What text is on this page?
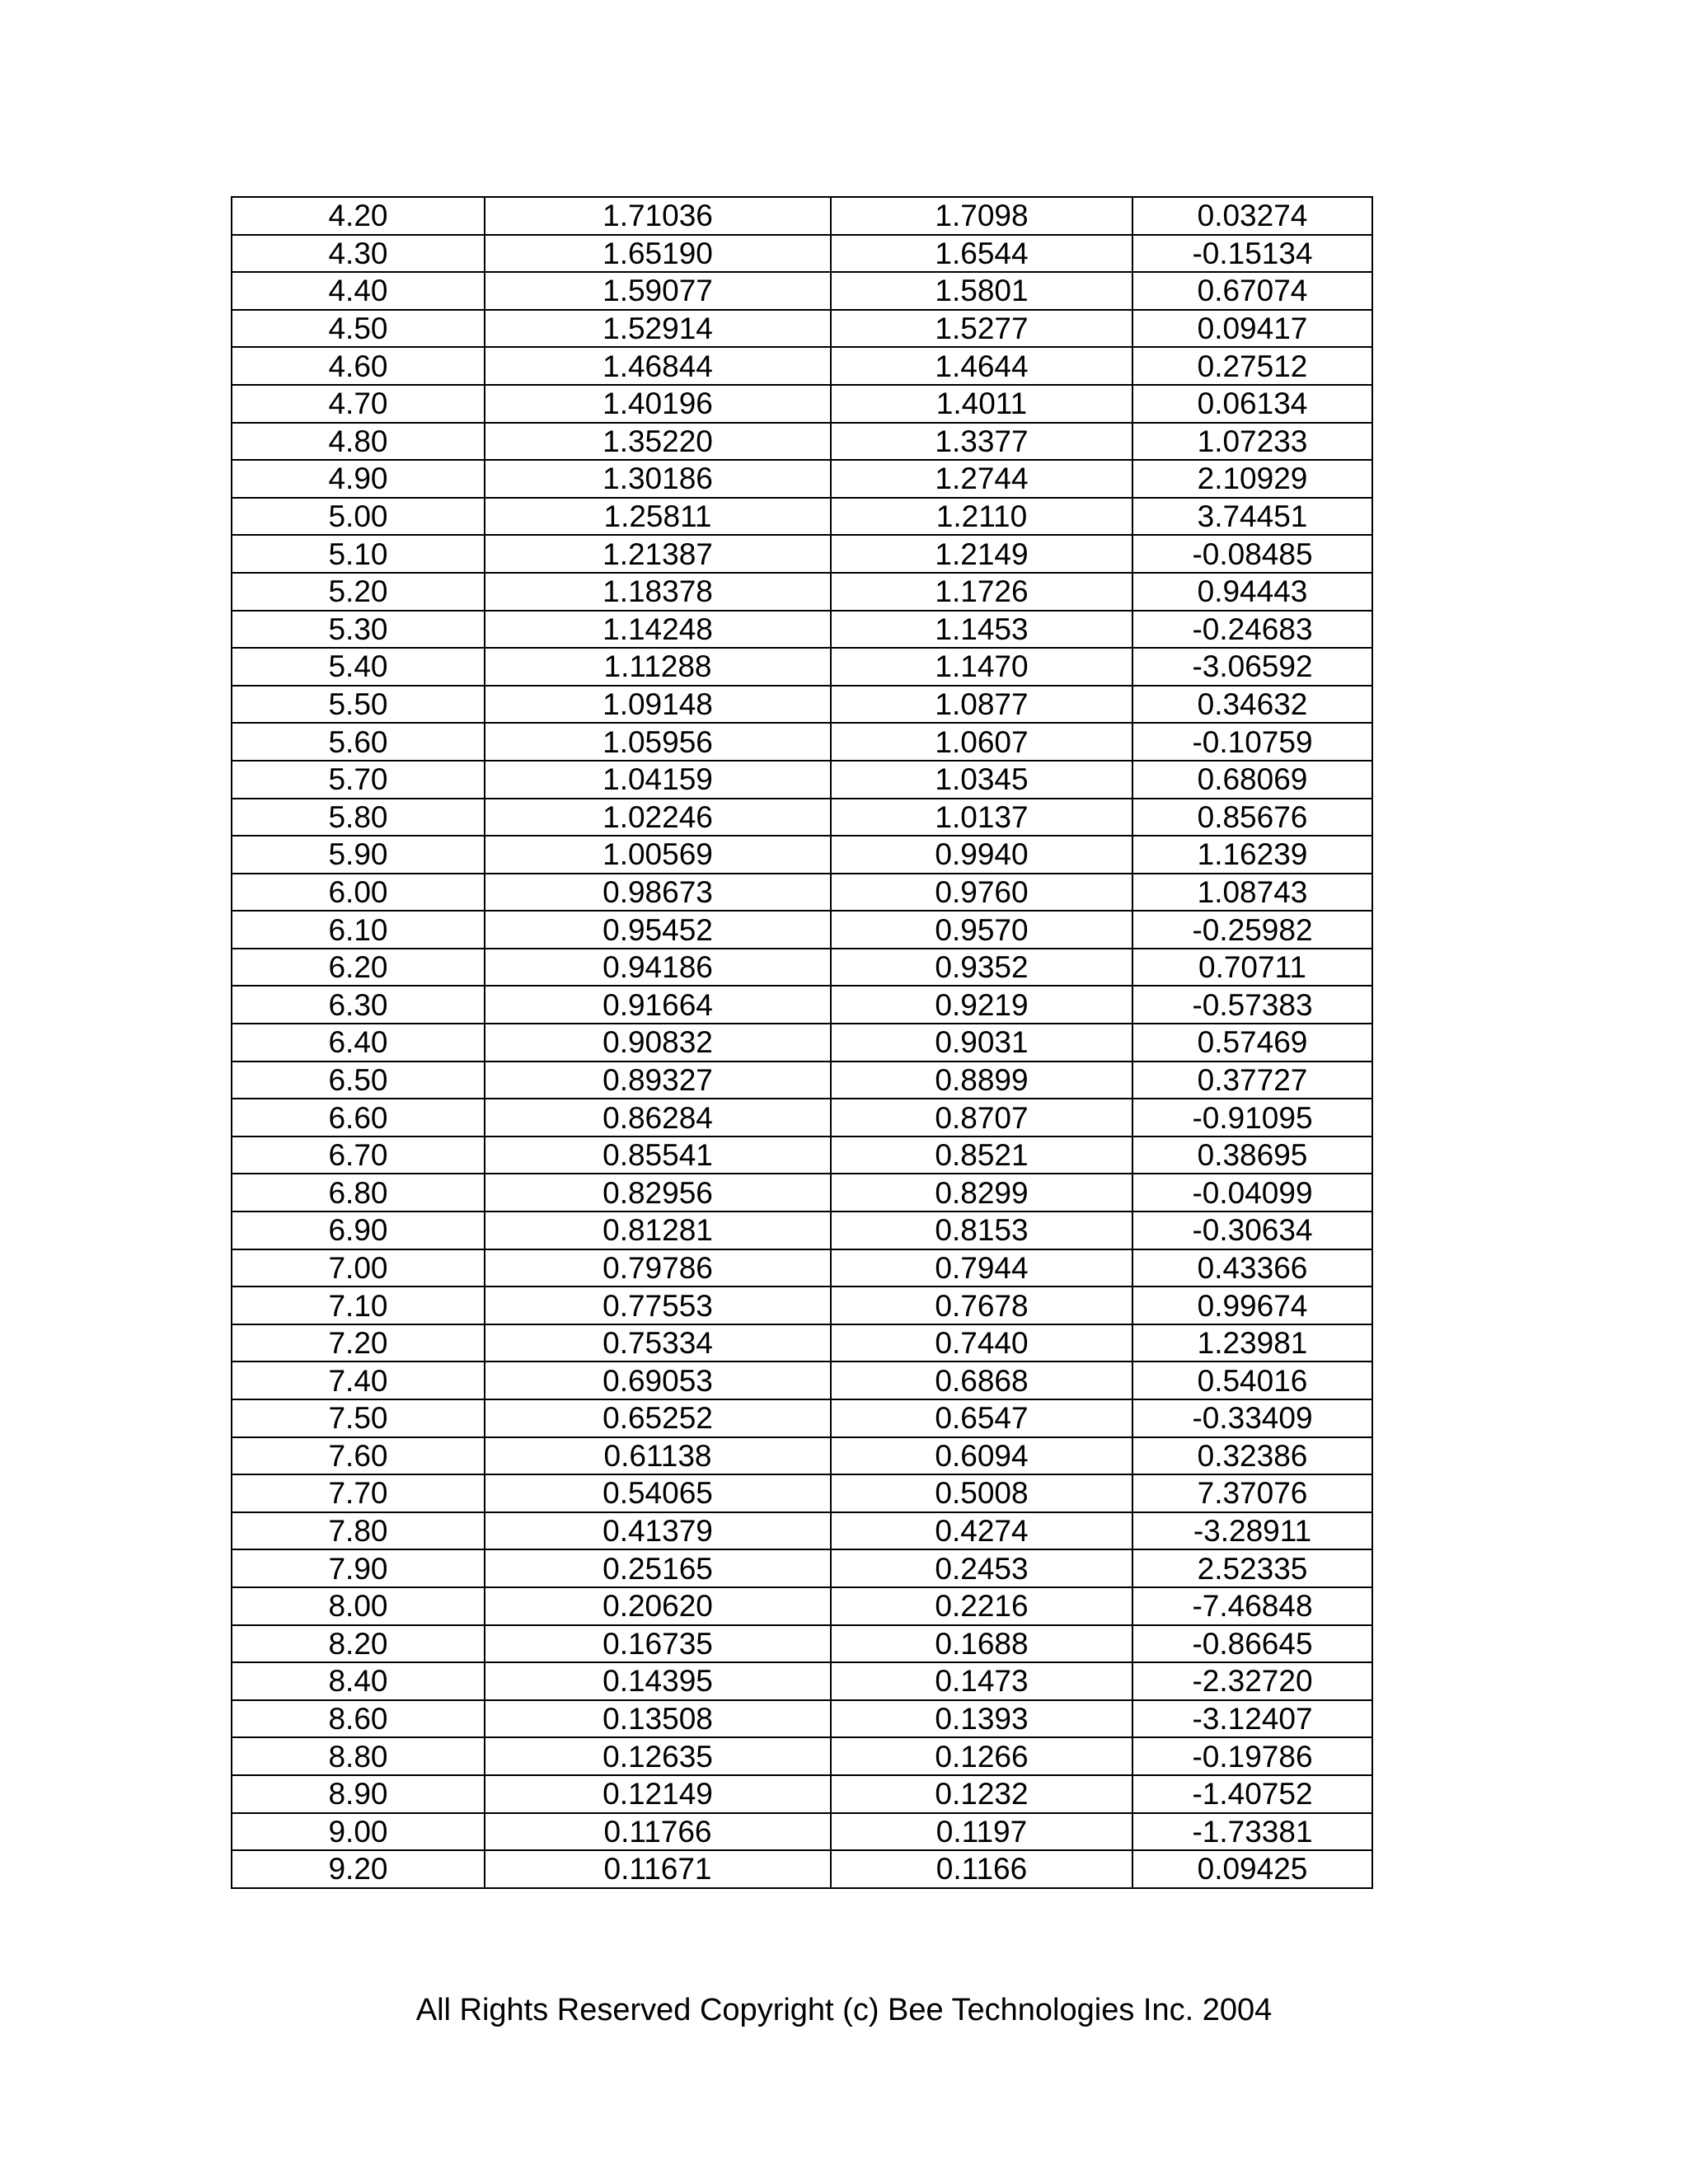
4.20	1.71036	1.7098	0.03274
4.30	1.65190	1.6544	-0.15134
4.40	1.59077	1.5801	0.67074
4.50	1.52914	1.5277	0.09417
4.60	1.46844	1.4644	0.27512
4.70	1.40196	1.4011	0.06134
4.80	1.35220	1.3377	1.07233
4.90	1.30186	1.2744	2.10929
5.00	1.25811	1.2110	3.74451
5.10	1.21387	1.2149	-0.08485
5.20	1.18378	1.1726	0.94443
5.30	1.14248	1.1453	-0.24683
5.40	1.11288	1.1470	-3.06592
5.50	1.09148	1.0877	0.34632
5.60	1.05956	1.0607	-0.10759
5.70	1.04159	1.0345	0.68069
5.80	1.02246	1.0137	0.85676
5.90	1.00569	0.9940	1.16239
6.00	0.98673	0.9760	1.08743
6.10	0.95452	0.9570	-0.25982
6.20	0.94186	0.9352	0.70711
6.30	0.91664	0.9219	-0.57383
6.40	0.90832	0.9031	0.57469
6.50	0.89327	0.8899	0.37727
6.60	0.86284	0.8707	-0.91095
6.70	0.85541	0.8521	0.38695
6.80	0.82956	0.8299	-0.04099
6.90	0.81281	0.8153	-0.30634
7.00	0.79786	0.7944	0.43366
7.10	0.77553	0.7678	0.99674
7.20	0.75334	0.7440	1.23981
7.40	0.69053	0.6868	0.54016
7.50	0.65252	0.6547	-0.33409
7.60	0.61138	0.6094	0.32386
7.70	0.54065	0.5008	7.37076
7.80	0.41379	0.4274	-3.28911
7.90	0.25165	0.2453	2.52335
8.00	0.20620	0.2216	-7.46848
8.20	0.16735	0.1688	-0.86645
8.40	0.14395	0.1473	-2.32720
8.60	0.13508	0.1393	-3.12407
8.80	0.12635	0.1266	-0.19786
8.90	0.12149	0.1232	-1.40752
9.00	0.11766	0.1197	-1.73381
9.20	0.11671	0.1166	0.09425
All Rights Reserved Copyright (c) Bee Technologies Inc. 2004
